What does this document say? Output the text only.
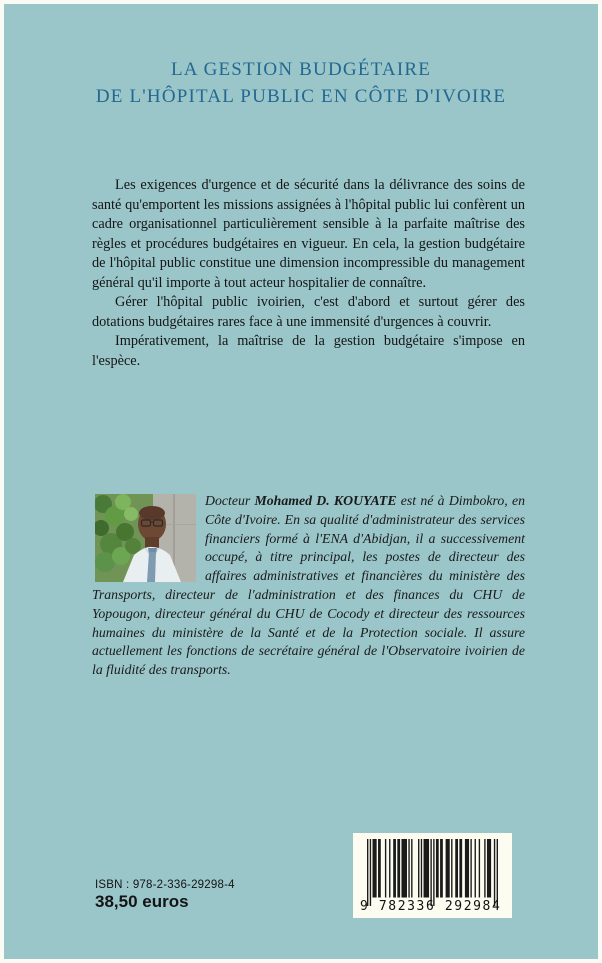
LA GESTION BUDGÉTAIRE
DE L'HÔPITAL PUBLIC EN CÔTE D'IVOIRE

Les exigences d'urgence et de sécurité dans la délivrance des soins de santé qu'emportent les missions assignées à l'hôpital public lui confèrent un cadre organisationnel particulièrement sensible à la parfaite maîtrise des règles et procédures budgétaires en vigueur. En cela, la gestion budgétaire de l'hôpital public constitue une dimension incompressible du management général qu'il importe à tout acteur hospitalier de connaître.

Gérer l'hôpital public ivoirien, c'est d'abord et surtout gérer des dotations budgétaires rares face à une immensité d'urgences à couvrir.

Impérativement, la maîtrise de la gestion budgétaire s'impose en l'espèce.

Docteur Mohamed D. KOUYATE est né à Dimbokro, en Côte d'Ivoire. En sa qualité d'administrateur des services financiers formé à l'ENA d'Abidjan, il a successivement occupé, à titre principal, les postes de directeur des affaires administratives et financières du ministère des Transports, directeur de l'administration et des finances du CHU de Yopougon, directeur général du CHU de Cocody et directeur des ressources humaines du ministère de la Santé et de la Protection sociale. Il assure actuellement les fonctions de secrétaire général de l'Observatoire ivoirien de la fluidité des transports.

ISBN : 978-2-336-29298-4
38,50 euros	9 782336 292984
